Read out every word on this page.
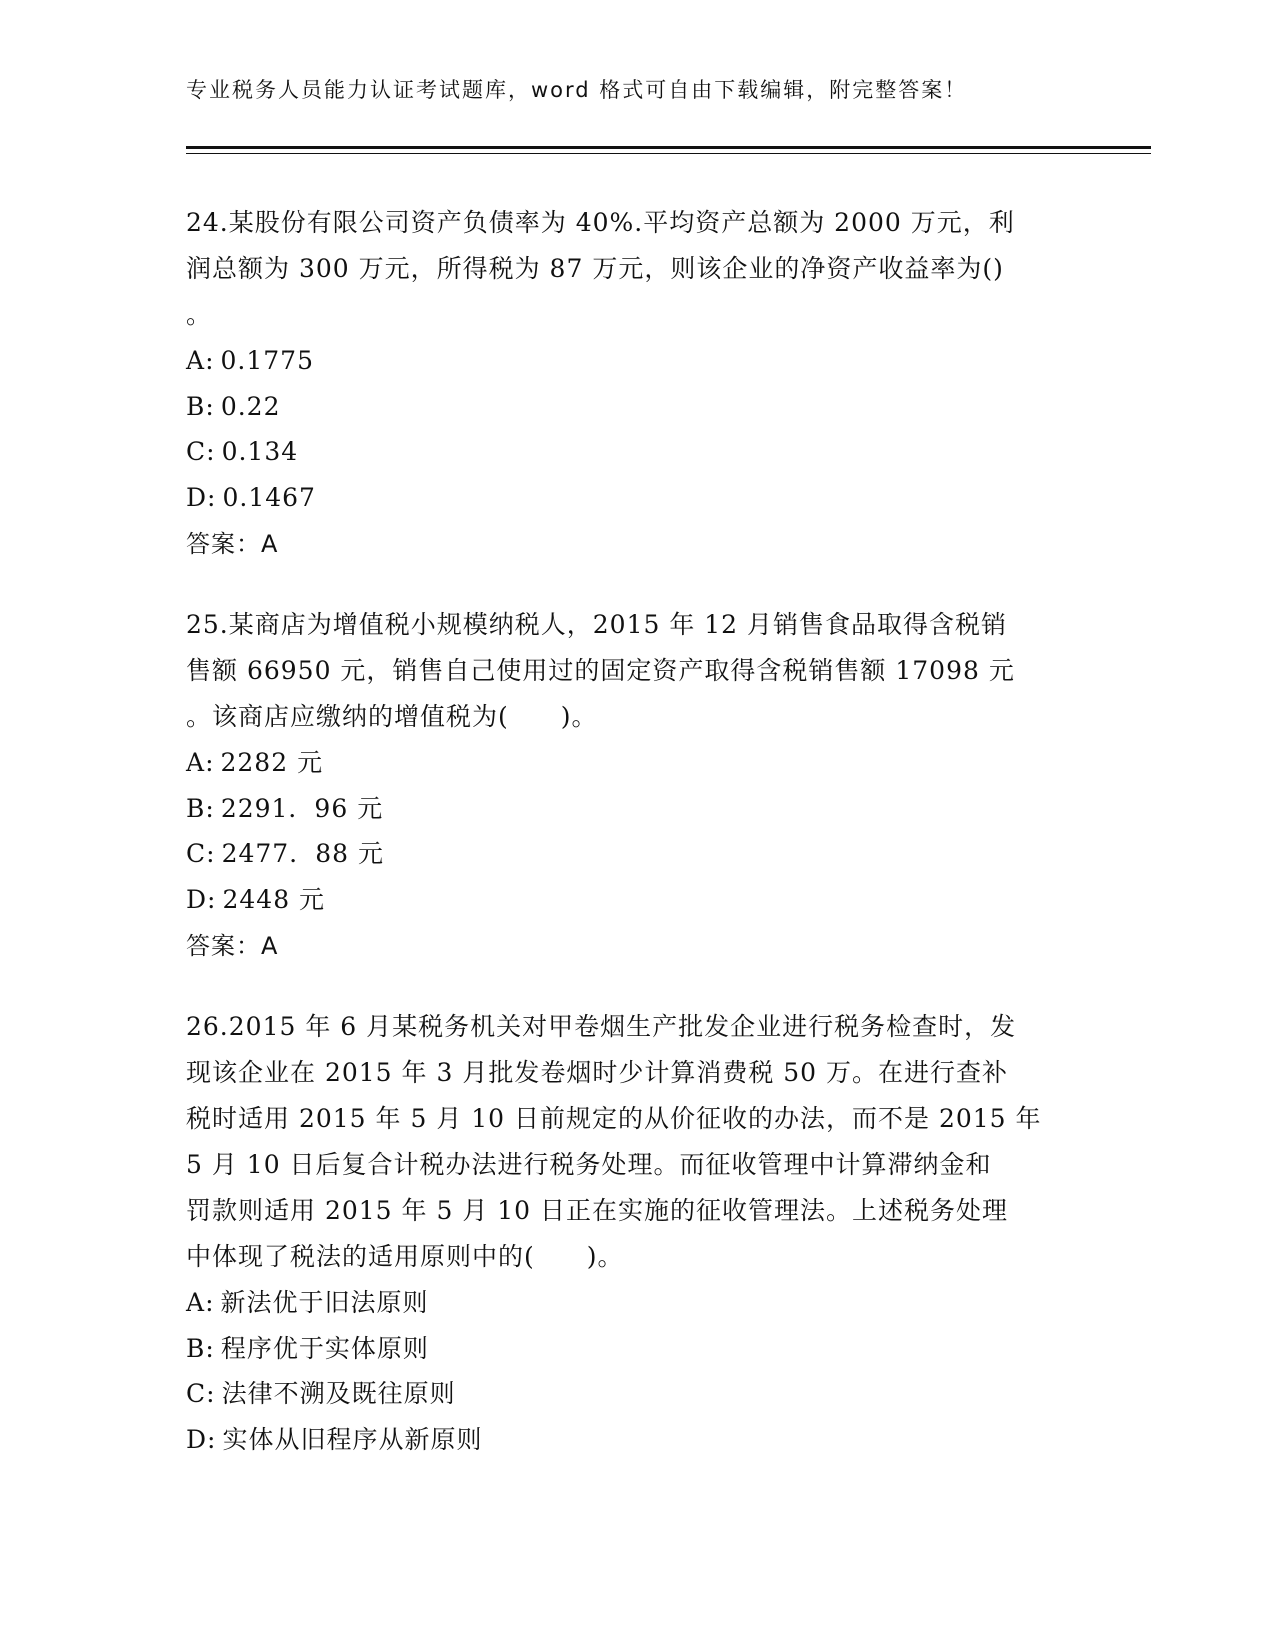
专业税务人员能力认证考试题库，word 格式可自由下载编辑，附完整答案！
24.某股份有限公司资产负债率为 40%.平均资产总额为 2000 万元，利
润总额为 300 万元，所得税为 87 万元，则该企业的净资产收益率为()
。
A: 0.1775
B: 0.22
C: 0.134
D: 0.1467
答案：A
25.某商店为增值税小规模纳税人，2015 年 12 月销售食品取得含税销
售额 66950 元，销售自己使用过的固定资产取得含税销售额 17098 元
。该商店应缴纳的增值税为(　　)。
A: 2282 元
B: 2291．96 元
C: 2477．88 元
D: 2448 元
答案：A
26.2015 年 6 月某税务机关对甲卷烟生产批发企业进行税务检查时，发
现该企业在 2015 年 3 月批发卷烟时少计算消费税 50 万。在进行查补
税时适用 2015 年 5 月 10 日前规定的从价征收的办法，而不是 2015 年
5 月 10 日后复合计税办法进行税务处理。而征收管理中计算滞纳金和
罚款则适用 2015 年 5 月 10 日正在实施的征收管理法。上述税务处理
中体现了税法的适用原则中的(　　)。
A: 新法优于旧法原则
B: 程序优于实体原则
C: 法律不溯及既往原则
D: 实体从旧程序从新原则
